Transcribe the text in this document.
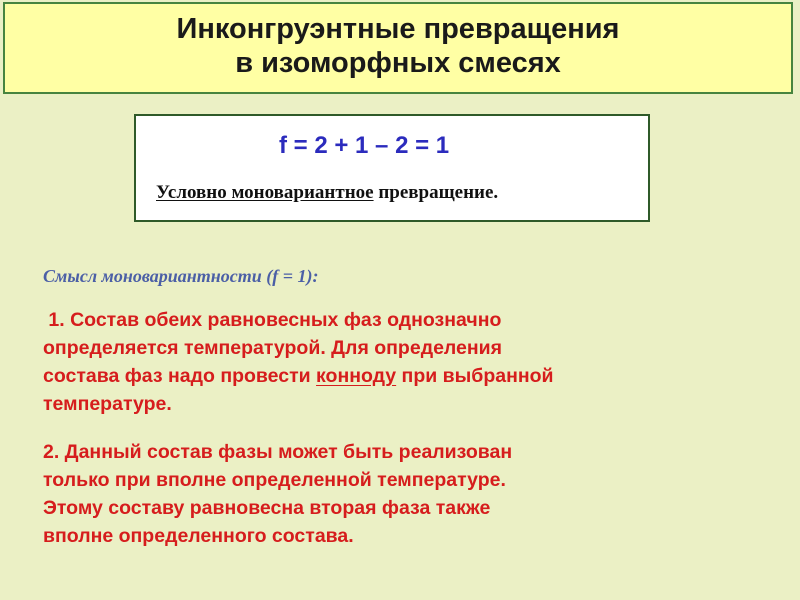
Инконгруэнтные превращения
в изоморфных смесях
f = 2 + 1 – 2 = 1
Условно моновариантное превращение.
Смысл моновариантности (f = 1):
1. Состав обеих равновесных фаз однозначно
определяется температурой. Для определения
состава фаз надо провести конноду при выбранной
температуре.
2. Данный состав фазы может быть реализован
только при вполне определенной температуре.
Этому составу равновесна вторая фаза также
вполне определенного состава.
